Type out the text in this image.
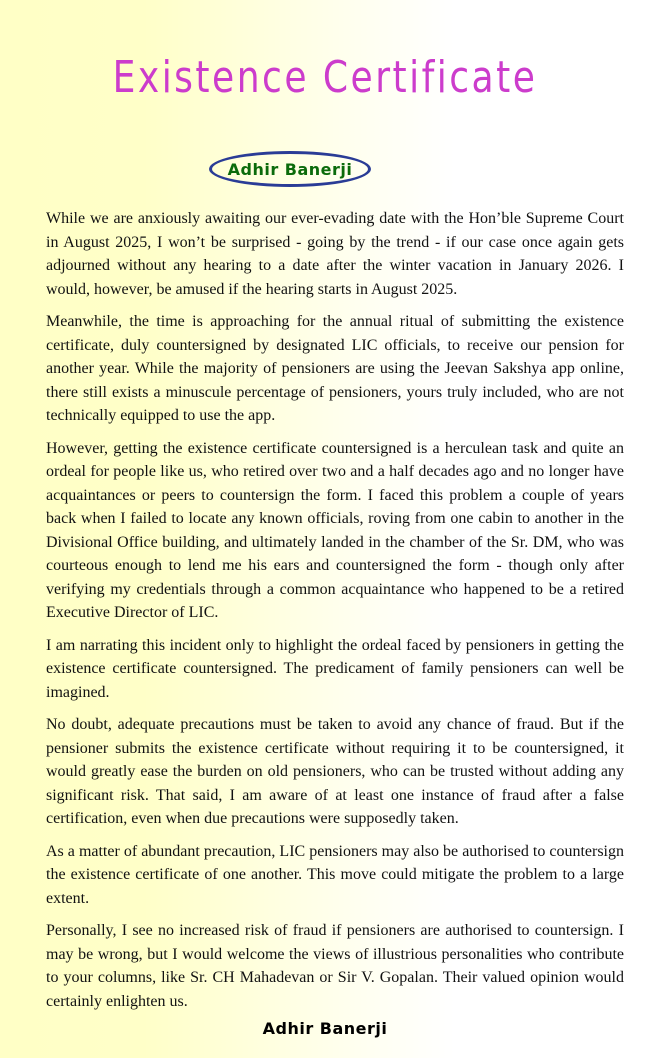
Existence Certificate
Adhir Banerji

While we are anxiously awaiting our ever-evading date with the Hon’ble Supreme Court in August 2025, I won’t be surprised - going by the trend - if our case once again gets adjourned without any hearing to a date after the winter vacation in January 2026. I would, however, be amused if the hearing starts in August 2025.

Meanwhile, the time is approaching for the annual ritual of submitting the existence certificate, duly countersigned by designated LIC officials, to receive our pension for another year. While the majority of pensioners are using the Jeevan Sakshya app online, there still exists a minuscule percentage of pensioners, yours truly included, who are not technically equipped to use the app.

However, getting the existence certificate countersigned is a herculean task and quite an ordeal for people like us, who retired over two and a half decades ago and no longer have acquaintances or peers to countersign the form. I faced this problem a couple of years back when I failed to locate any known officials, roving from one cabin to another in the Divisional Office building, and ultimately landed in the chamber of the Sr. DM, who was courteous enough to lend me his ears and countersigned the form - though only after verifying my credentials through a common acquaintance who happened to be a retired Executive Director of LIC.

I am narrating this incident only to highlight the ordeal faced by pensioners in getting the existence certificate countersigned. The predicament of family pensioners can well be imagined.

No doubt, adequate precautions must be taken to avoid any chance of fraud. But if the pensioner submits the existence certificate without requiring it to be countersigned, it would greatly ease the burden on old pensioners, who can be trusted without adding any significant risk. That said, I am aware of at least one instance of fraud after a false certification, even when due precautions were supposedly taken.

As a matter of abundant precaution, LIC pensioners may also be authorised to countersign the existence certificate of one another. This move could mitigate the problem to a large extent.

Personally, I see no increased risk of fraud if pensioners are authorised to countersign. I may be wrong, but I would welcome the views of illustrious personalities who contribute to your columns, like Sr. CH Mahadevan or Sir V. Gopalan. Their valued opinion would certainly enlighten us.

Adhir Banerji
